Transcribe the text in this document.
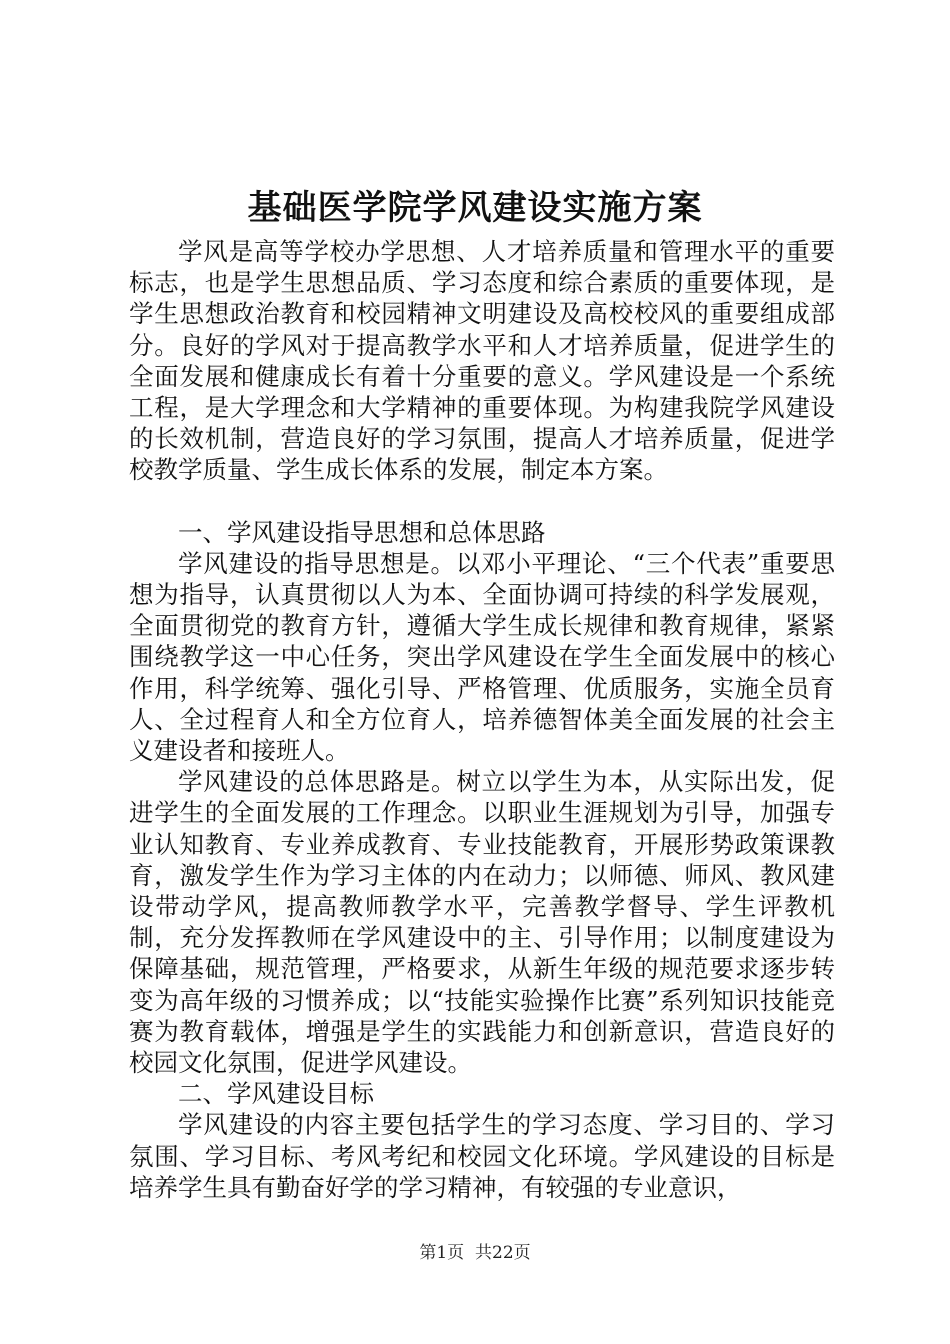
基础医学院学风建设实施方案

学风是高等学校办学思想、人才培养质量和管理水平的重要标志，也是学生思想品质、学习态度和综合素质的重要体现，是学生思想政治教育和校园精神文明建设及高校校风的重要组成部分。良好的学风对于提高教学水平和人才培养质量，促进学生的全面发展和健康成长有着十分重要的意义。学风建设是一个系统工程，是大学理念和大学精神的重要体现。为构建我院学风建设的长效机制，营造良好的学习氛围，提高人才培养质量，促进学校教学质量、学生成长体系的发展，制定本方案。

一、学风建设指导思想和总体思路

学风建设的指导思想是。以邓小平理论、“三个代表”重要思想为指导，认真贯彻以人为本、全面协调可持续的科学发展观，全面贯彻党的教育方针，遵循大学生成长规律和教育规律，紧紧围绕教学这一中心任务，突出学风建设在学生全面发展中的核心作用，科学统筹、强化引导、严格管理、优质服务，实施全员育人、全过程育人和全方位育人，培养德智体美全面发展的社会主义建设者和接班人。

学风建设的总体思路是。树立以学生为本，从实际出发，促进学生的全面发展的工作理念。以职业生涯规划为引导，加强专业认知教育、专业养成教育、专业技能教育，开展形势政策课教育，激发学生作为学习主体的内在动力；以师德、师风、教风建设带动学风，提高教师教学水平，完善教学督导、学生评教机制，充分发挥教师在学风建设中的主、引导作用；以制度建设为保障基础，规范管理，严格要求，从新生年级的规范要求逐步转变为高年级的习惯养成；以“技能实验操作比赛”系列知识技能竞赛为教育载体，增强是学生的实践能力和创新意识，营造良好的校园文化氛围，促进学风建设。

二、学风建设目标

学风建设的内容主要包括学生的学习态度、学习目的、学习氛围、学习目标、考风考纪和校园文化环境。学风建设的目标是培养学生具有勤奋好学的学习精神，有较强的专业意识，

第1页 共22页
